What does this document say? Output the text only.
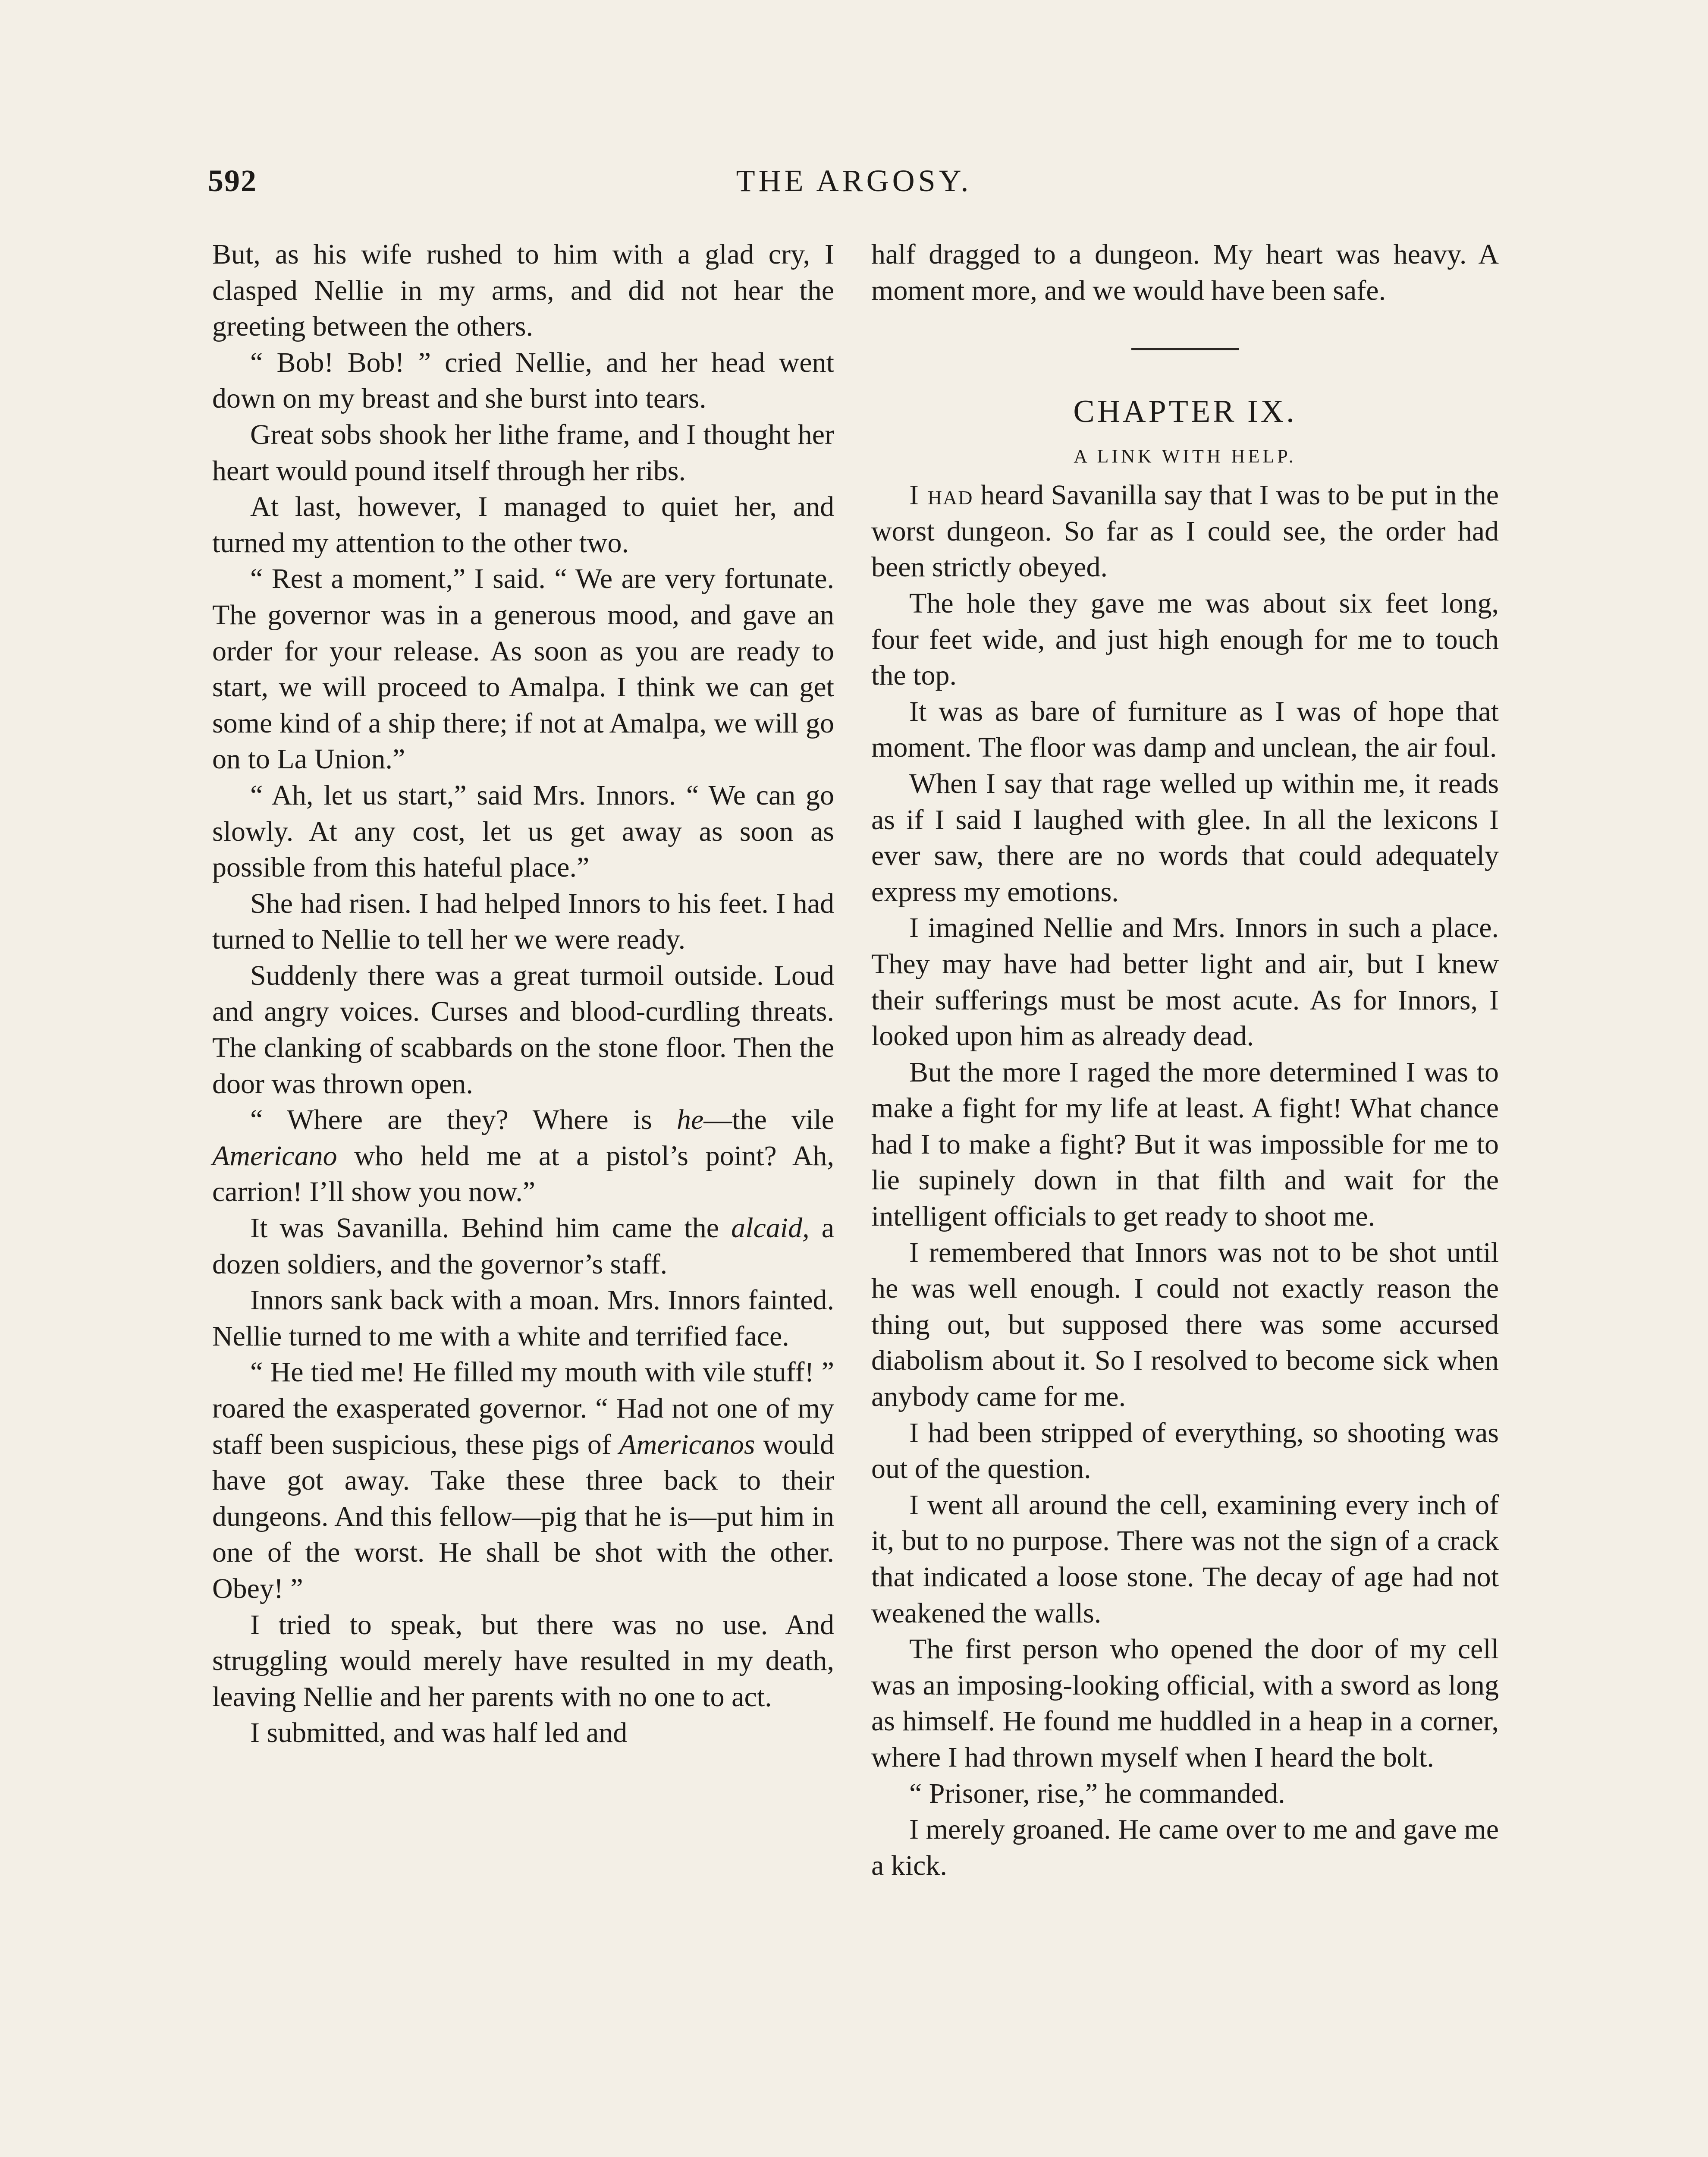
592	THE ARGOSY.

But, as his wife rushed to him with a glad cry, I clasped Nellie in my arms, and did not hear the greeting between the others.

“ Bob! Bob! ” cried Nellie, and her head went down on my breast and she burst into tears.

Great sobs shook her lithe frame, and I thought her heart would pound itself through her ribs.

At last, however, I managed to quiet her, and turned my attention to the other two.

“ Rest a moment,” I said. “ We are very fortunate. The governor was in a generous mood, and gave an order for your release. As soon as you are ready to start, we will proceed to Amalpa. I think we can get some kind of a ship there; if not at Amalpa, we will go on to La Union.”

“ Ah, let us start,” said Mrs. Innors. “ We can go slowly. At any cost, let us get away as soon as possible from this hateful place.”

She had risen. I had helped Innors to his feet. I had turned to Nellie to tell her we were ready.

Suddenly there was a great turmoil outside. Loud and angry voices. Curses and blood-curdling threats. The clanking of scabbards on the stone floor. Then the door was thrown open.

“ Where are they? Where is he—the vile Americano who held me at a pistol’s point? Ah, carrion! I’ll show you now.”

It was Savanilla. Behind him came the alcaid, a dozen soldiers, and the governor’s staff.

Innors sank back with a moan. Mrs. Innors fainted. Nellie turned to me with a white and terrified face.

“ He tied me! He filled my mouth with vile stuff! ” roared the exasperated governor. “ Had not one of my staff been suspicious, these pigs of Americanos would have got away. Take these three back to their dungeons. And this fellow—pig that he is—put him in one of the worst. He shall be shot with the other. Obey! ”

I tried to speak, but there was no use. And struggling would merely have resulted in my death, leaving Nellie and her parents with no one to act.

I submitted, and was half led and

half dragged to a dungeon. My heart was heavy. A moment more, and we would have been safe.

CHAPTER IX.
A LINK WITH HELP.

I had heard Savanilla say that I was to be put in the worst dungeon. So far as I could see, the order had been strictly obeyed.

The hole they gave me was about six feet long, four feet wide, and just high enough for me to touch the top.

It was as bare of furniture as I was of hope that moment. The floor was damp and unclean, the air foul.

When I say that rage welled up within me, it reads as if I said I laughed with glee. In all the lexicons I ever saw, there are no words that could adequately express my emotions.

I imagined Nellie and Mrs. Innors in such a place. They may have had better light and air, but I knew their sufferings must be most acute. As for Innors, I looked upon him as already dead.

But the more I raged the more determined I was to make a fight for my life at least. A fight! What chance had I to make a fight? But it was impossible for me to lie supinely down in that filth and wait for the intelligent officials to get ready to shoot me.

I remembered that Innors was not to be shot until he was well enough. I could not exactly reason the thing out, but supposed there was some accursed diabolism about it. So I resolved to become sick when anybody came for me.

I had been stripped of everything, so shooting was out of the question.

I went all around the cell, examining every inch of it, but to no purpose. There was not the sign of a crack that indicated a loose stone. The decay of age had not weakened the walls.

The first person who opened the door of my cell was an imposing-looking official, with a sword as long as himself. He found me huddled in a heap in a corner, where I had thrown myself when I heard the bolt.

“ Prisoner, rise,” he commanded.

I merely groaned. He came over to me and gave me a kick.
